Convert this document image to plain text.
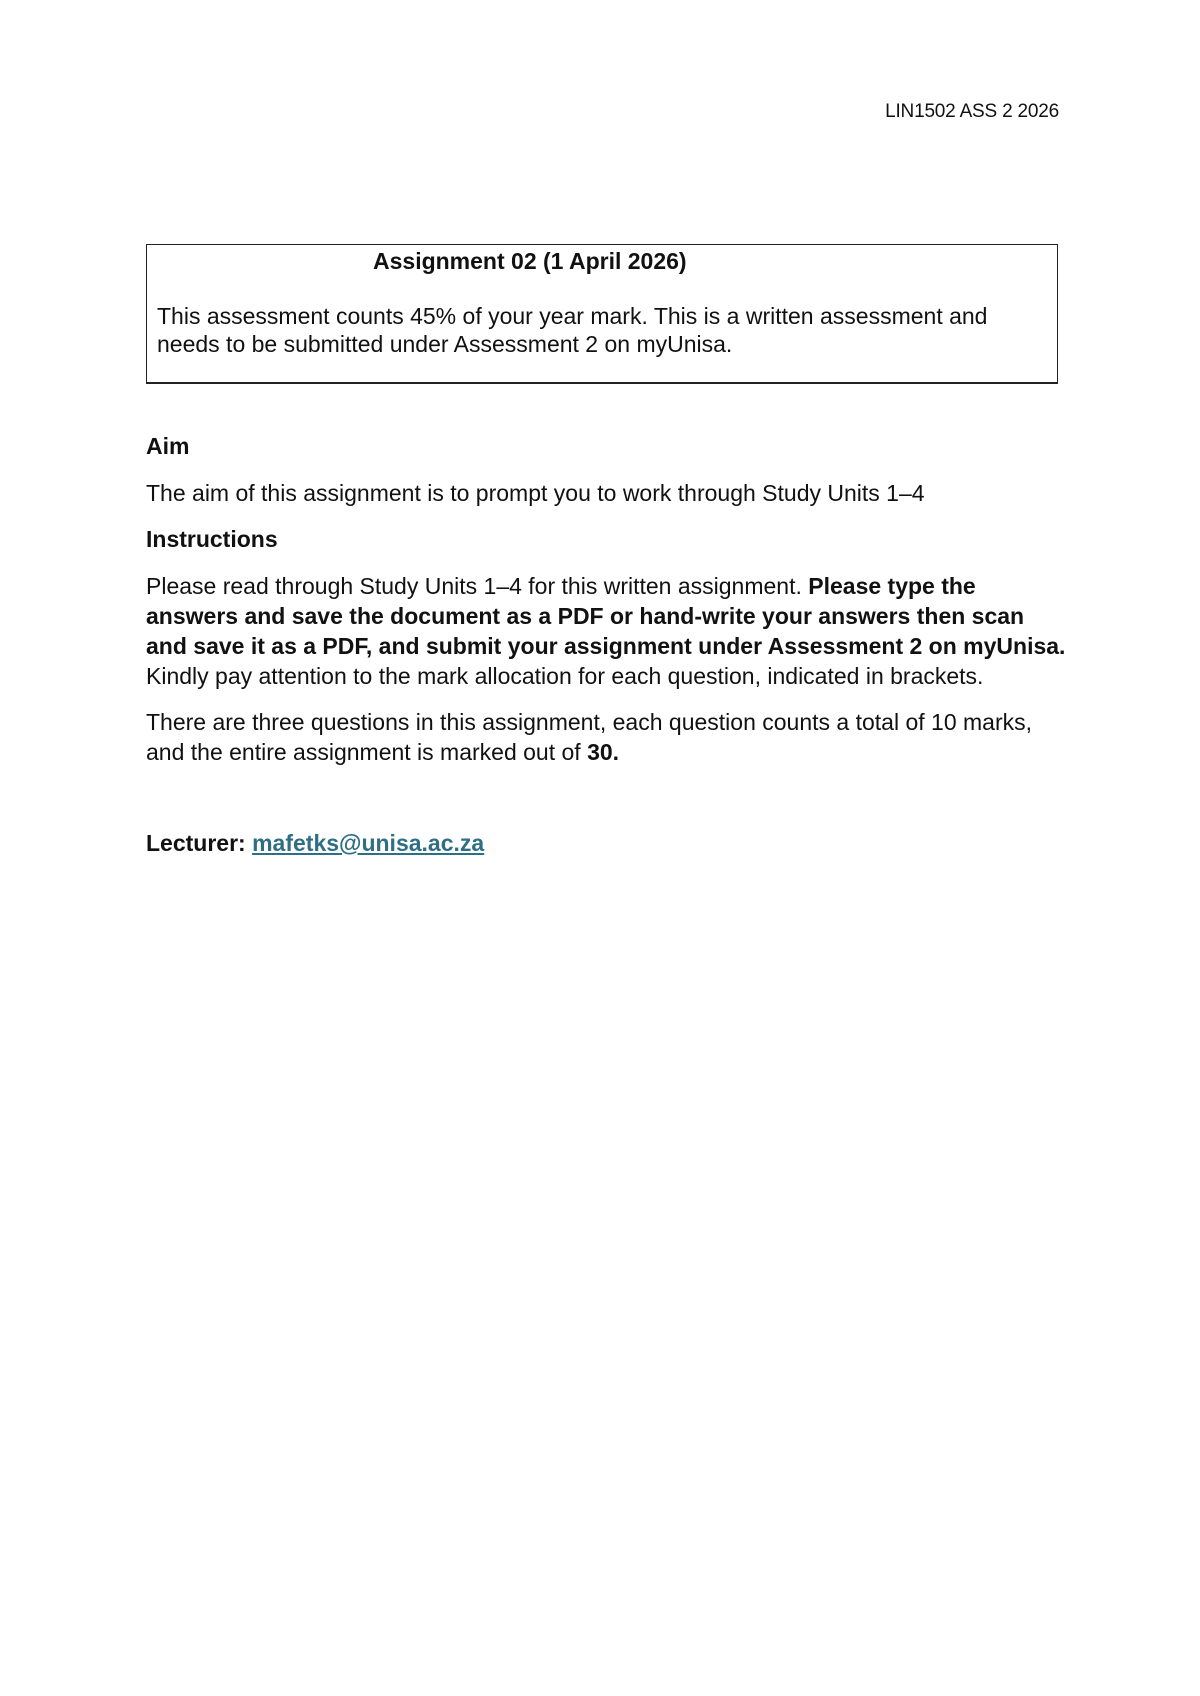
LIN1502 ASS 2 2026
Assignment 02 (1 April 2026)
This assessment counts 45% of your year mark. This is a written assessment and needs to be submitted under Assessment 2 on myUnisa.

Aim

The aim of this assignment is to prompt you to work through Study Units 1–4

Instructions

Please read through Study Units 1–4 for this written assignment. Please type the answers and save the document as a PDF or hand-write your answers then scan and save it as a PDF, and submit your assignment under Assessment 2 on myUnisa. Kindly pay attention to the mark allocation for each question, indicated in brackets.

There are three questions in this assignment, each question counts a total of 10 marks, and the entire assignment is marked out of 30.

Lecturer: mafetks@unisa.ac.za
